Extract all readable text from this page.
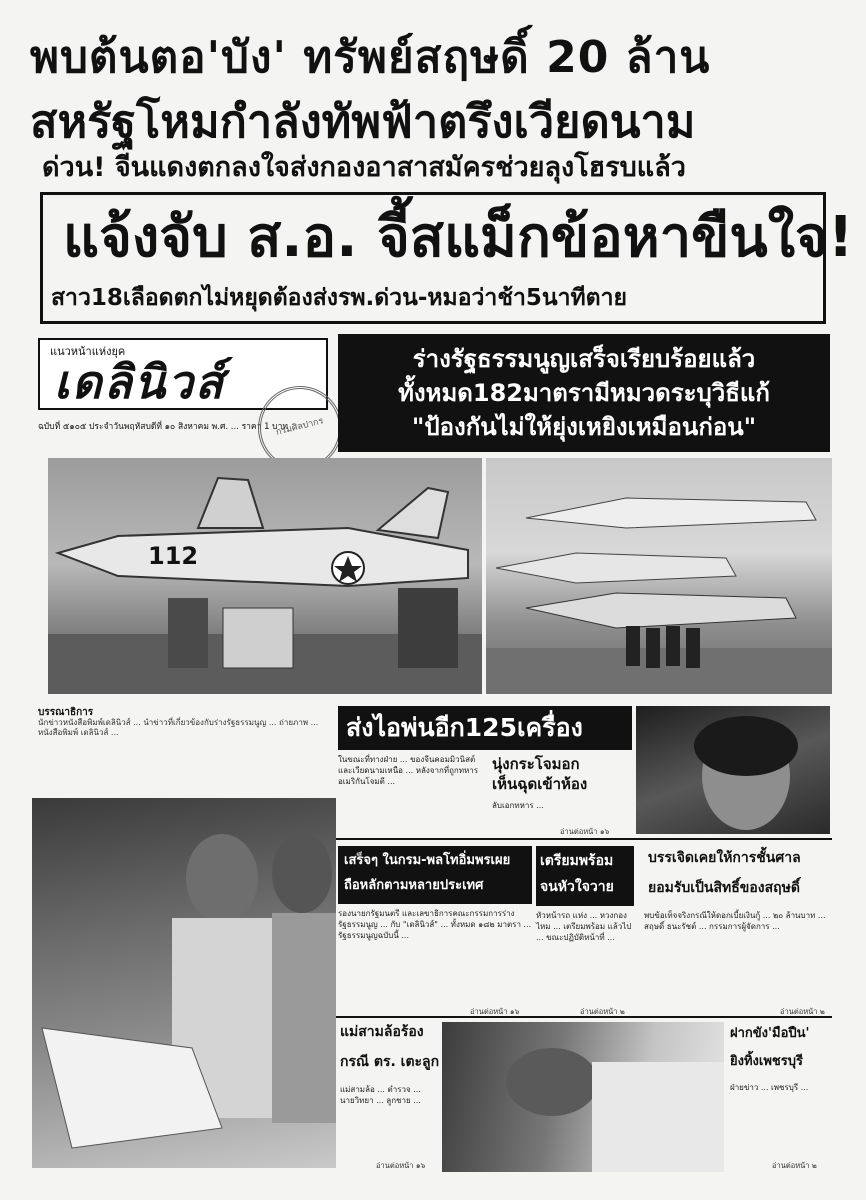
พบต้นตอ'บัง' ทรัพย์สฤษดิ์ 20 ล้าน
สหรัฐโหมกำลังทัพฟ้าตรึงเวียดนาม
ด่วน! จีนแดงตกลงใจส่งกองอาสาสมัครช่วยลุงโฮรบแล้ว
แจ้งจับ ส.อ. จี้สแม็กข้อหาขืนใจ!
สาว18เลือดตกไม่หยุดต้องส่งรพ.ด่วน-หมอว่าช้า5นาทีตาย
แนวหน้าแห่งยุค
เดลินิวส์
ฉบับที่ ๕๑๐๕ ประจำวันพฤหัสบดีที่ ๑๐ สิงหาคม พ.ศ. ... ราคา 1 บาท
กรมศิลปากร
ร่างรัฐธรรมนูญเสร็จเรียบร้อยแล้ว
ทั้งหมด182มาตรามีหมวดระบุวิธีแก้
"ป้องกันไม่ให้ยุ่งเหยิงเหมือนก่อน"
112
บรรณาธิการ
นักข่าวหนังสือพิมพ์เดลินิวส์ ... นำข่าวที่เกี่ยวข้องกับร่างรัฐธรรมนูญ ... ถ่ายภาพ ... หนังสือพิมพ์ เดลินิวส์ ...	ส่งไอพ่นอีก125เครื่อง
ในขณะที่ทางฝ่าย ... ของจีนคอมมิวนิสต์ และเวียดนามเหนือ ... หลังจากที่ถูกทหารอเมริกันโจมตี ...
นุ่งกระโจมอก
เห็นฉุดเข้าห้อง
ลับเอกทหาร ...
อ่านต่อหน้า ๑๖
เสร็จๆ ในกรม-พลโทอิ่มพรเผย
ถือหลักตามหลายประเทศ
รองนายกรัฐมนตรี และเลขาธิการคณะกรรมการร่างรัฐธรรมนูญ ... กับ "เดลินิวส์" ... ทั้งหมด ๑๘๒ มาตรา ... รัฐธรรมนูญฉบับนี้ ...
อ่านต่อหน้า ๑๖
เตรียมพร้อม
จนหัวใจวาย
หัวหน้ารถ แห่ง ... หวงกองไหม ... เตรียมพร้อม แล้วไป ... ขณะปฏิบัติหน้าที่ ...
อ่านต่อหน้า ๒
บรรเจิดเคยให้การชั้นศาล
ยอมรับเป็นสิทธิ์ของสฤษดิ์
พบข้อเท็จจริงกรณีให้ดอกเบี้ยเงินกู้ ... ๒๐ ล้านบาท ... สฤษดิ์ ธนะรัชต์ ... กรรมการผู้จัดการ ...
อ่านต่อหน้า ๒
แม่สามล้อร้อง
กรณี ตร. เตะลูก
แม่สามล้อ ... ตำรวจ ... นายวิทยา ... ลูกชาย ...
อ่านต่อหน้า ๑๖
ฝากขัง'มือปืน'
ยิงทิ้งเพชรบุรี
ฝ่ายข่าว ... เพชรบุรี ...
อ่านต่อหน้า ๒
